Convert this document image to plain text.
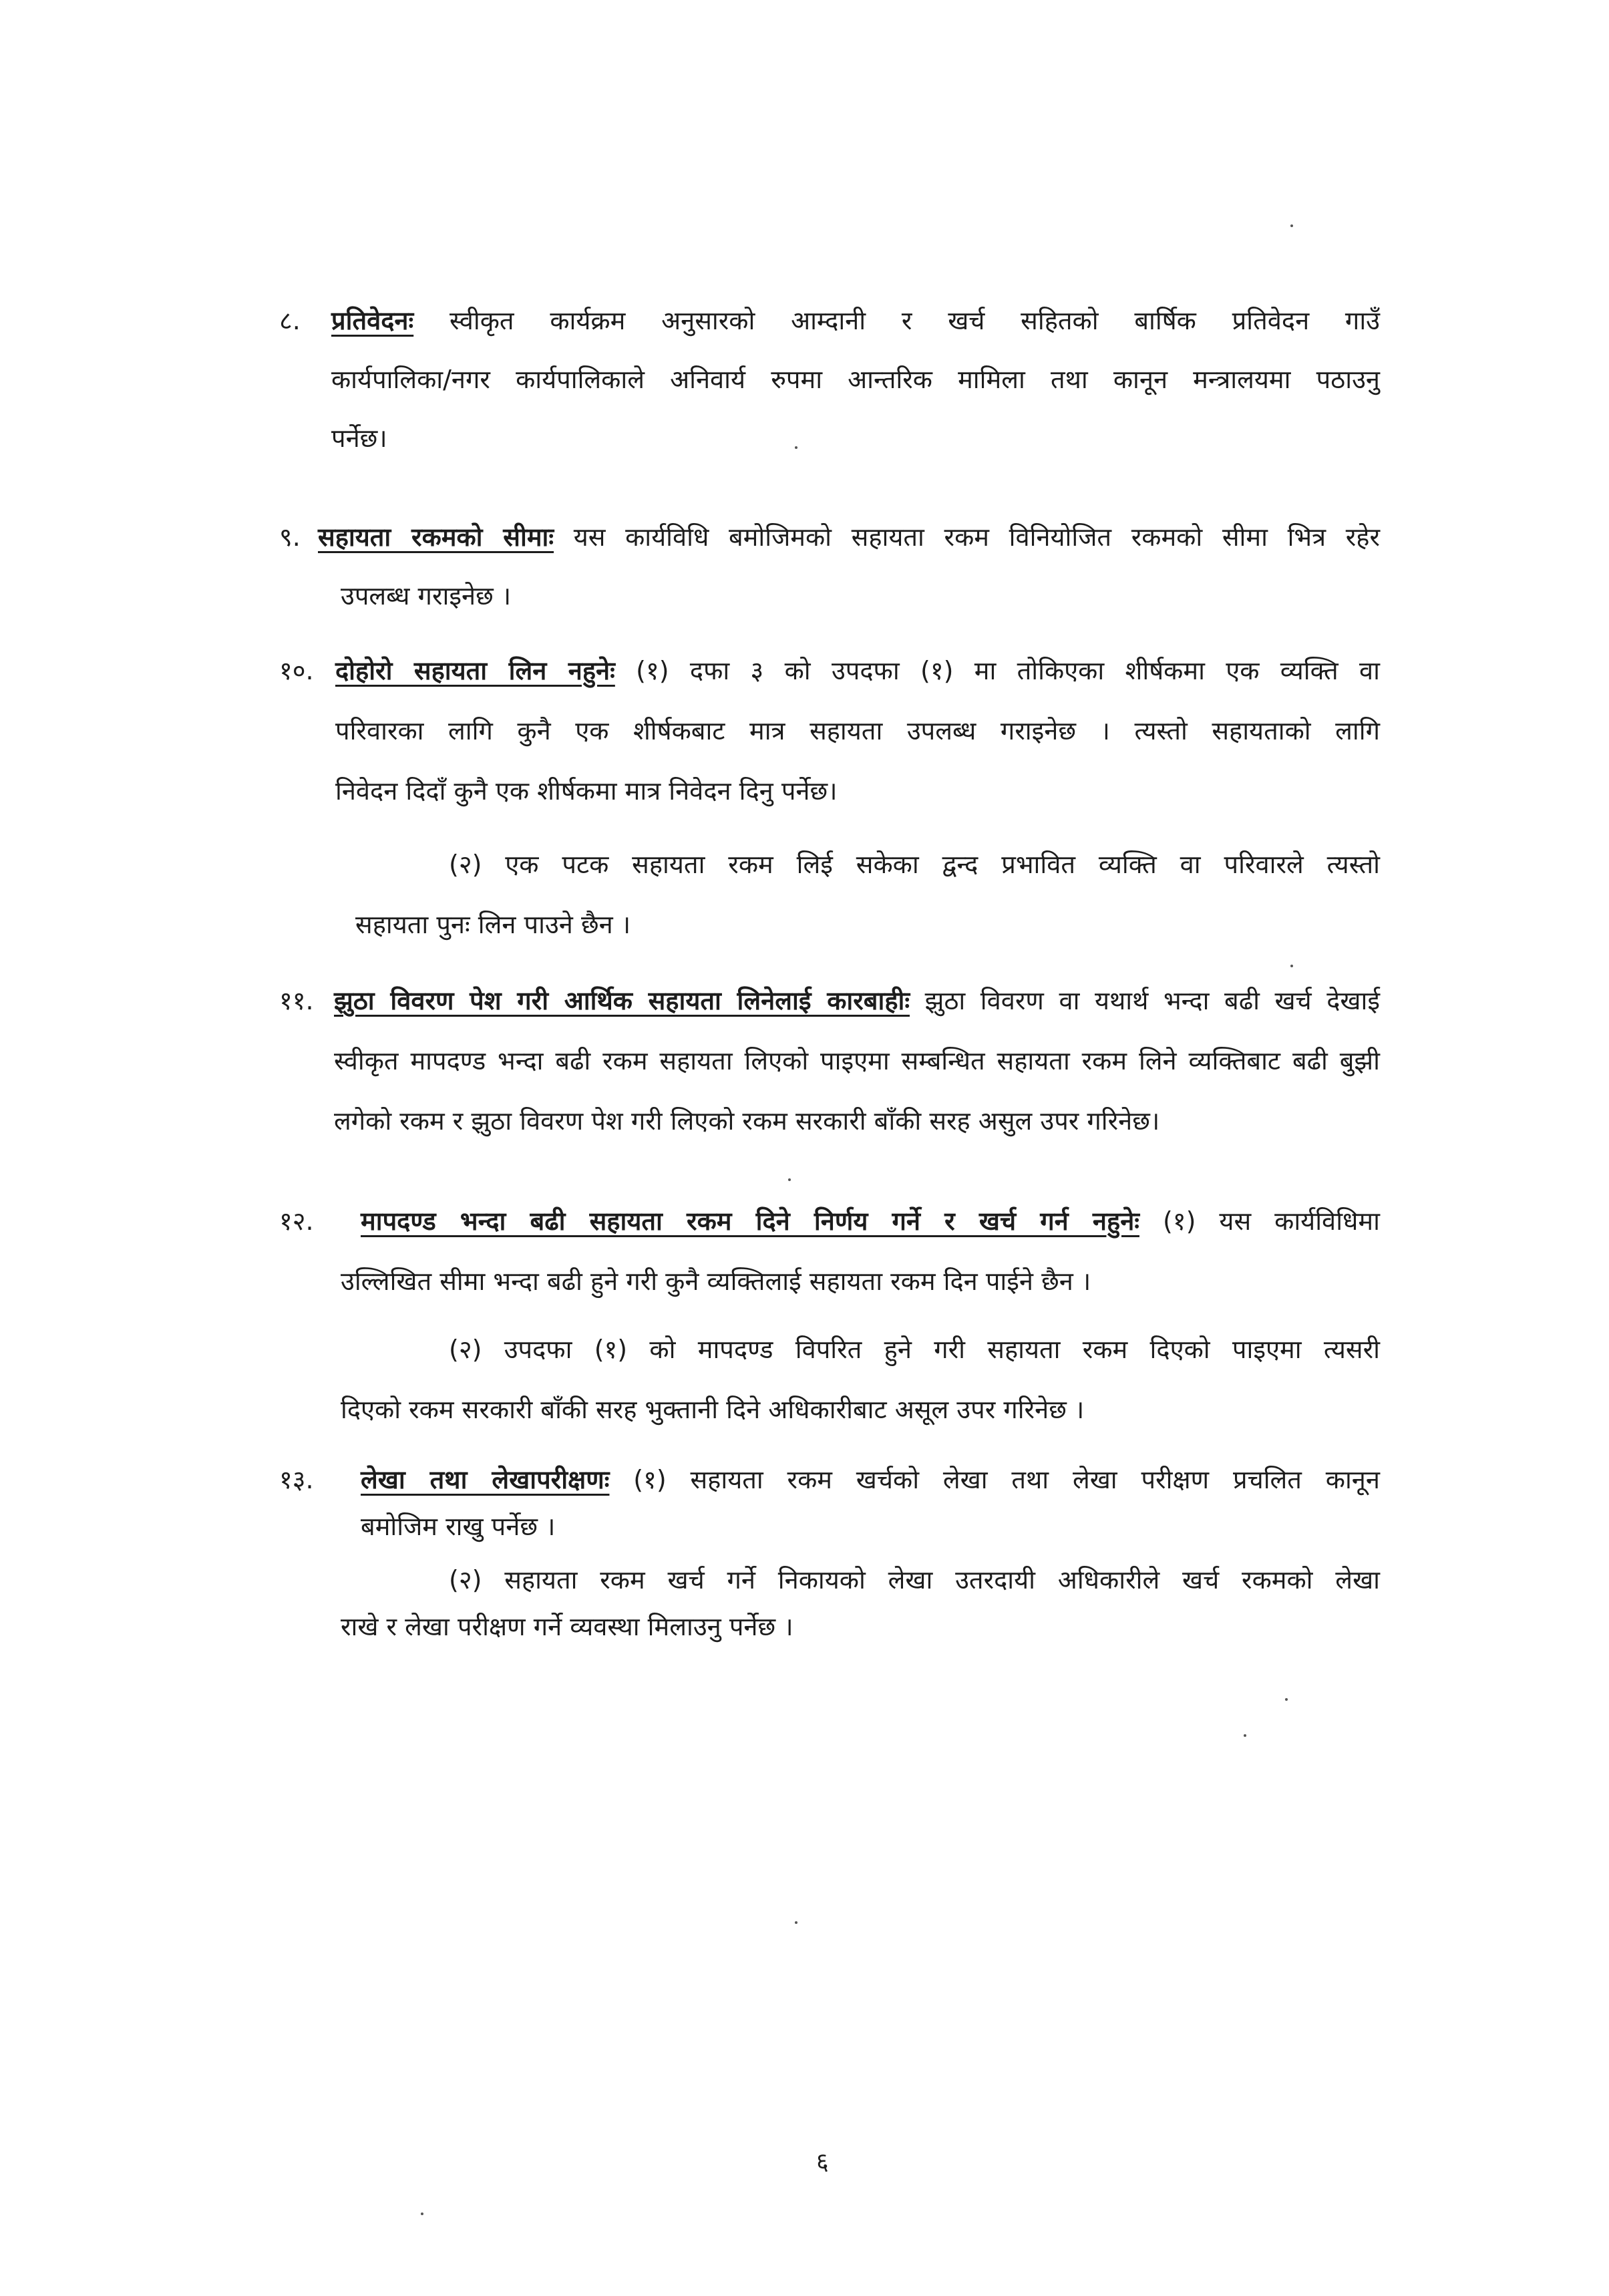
८. प्रतिवेदनः स्वीकृत कार्यक्रम अनुसारको आम्दानी र खर्च सहितको बार्षिक प्रतिवेदन गाउँ
कार्यपालिका/नगर कार्यपालिकाले अनिवार्य रुपमा आन्तरिक मामिला तथा कानून मन्त्रालयमा पठाउनु
पर्नेछ।
९. सहायता रकमको सीमाः यस कार्यविधि बमोजिमको सहायता रकम विनियोजित रकमको सीमा भित्र रहेर
उपलब्ध गराइनेछ ।
१०. दोहोरो सहायता लिन नहुनेः (१) दफा ३ को उपदफा (१) मा तोकिएका शीर्षकमा एक व्यक्ति वा
परिवारका लागि कुनै एक शीर्षकबाट मात्र सहायता उपलब्ध गराइनेछ । त्यस्तो सहायताको लागि
निवेदन दिदाँ कुनै एक शीर्षकमा मात्र निवेदन दिनु पर्नेछ।
(२) एक पटक सहायता रकम लिई सकेका द्वन्द प्रभावित व्यक्ति वा परिवारले त्यस्तो
सहायता पुनः लिन पाउने छैन ।
११. झुठा विवरण पेश गरी आर्थिक सहायता लिनेलाई कारबाहीः झुठा विवरण वा यथार्थ भन्दा बढी खर्च देखाई
स्वीकृत मापदण्ड भन्दा बढी रकम सहायता लिएको पाइएमा सम्बन्धित सहायता रकम लिने व्यक्तिबाट बढी बुझी
लगेको रकम र झुठा विवरण पेश गरी लिएको रकम सरकारी बाँकी सरह असुल उपर गरिनेछ।
१२. मापदण्ड भन्दा बढी सहायता रकम दिने निर्णय गर्ने र खर्च गर्न नहुनेः (१) यस कार्यविधिमा
उल्लिखित सीमा भन्दा बढी हुने गरी कुनै व्यक्तिलाई सहायता रकम दिन पाईने छैन ।
(२) उपदफा (१) को मापदण्ड विपरित हुने गरी सहायता रकम दिएको पाइएमा त्यसरी
दिएको रकम सरकारी बाँकी सरह भुक्तानी दिने अधिकारीबाट असूल उपर गरिनेछ ।
१३. लेखा तथा लेखापरीक्षणः (१) सहायता रकम खर्चको लेखा तथा लेखा परीक्षण प्रचलित कानून
बमोजिम राखु पर्नेछ ।
(२) सहायता रकम खर्च गर्ने निकायको लेखा उतरदायी अधिकारीले खर्च रकमको लेखा
राखे र लेखा परीक्षण गर्ने व्यवस्था मिलाउनु पर्नेछ ।
६
